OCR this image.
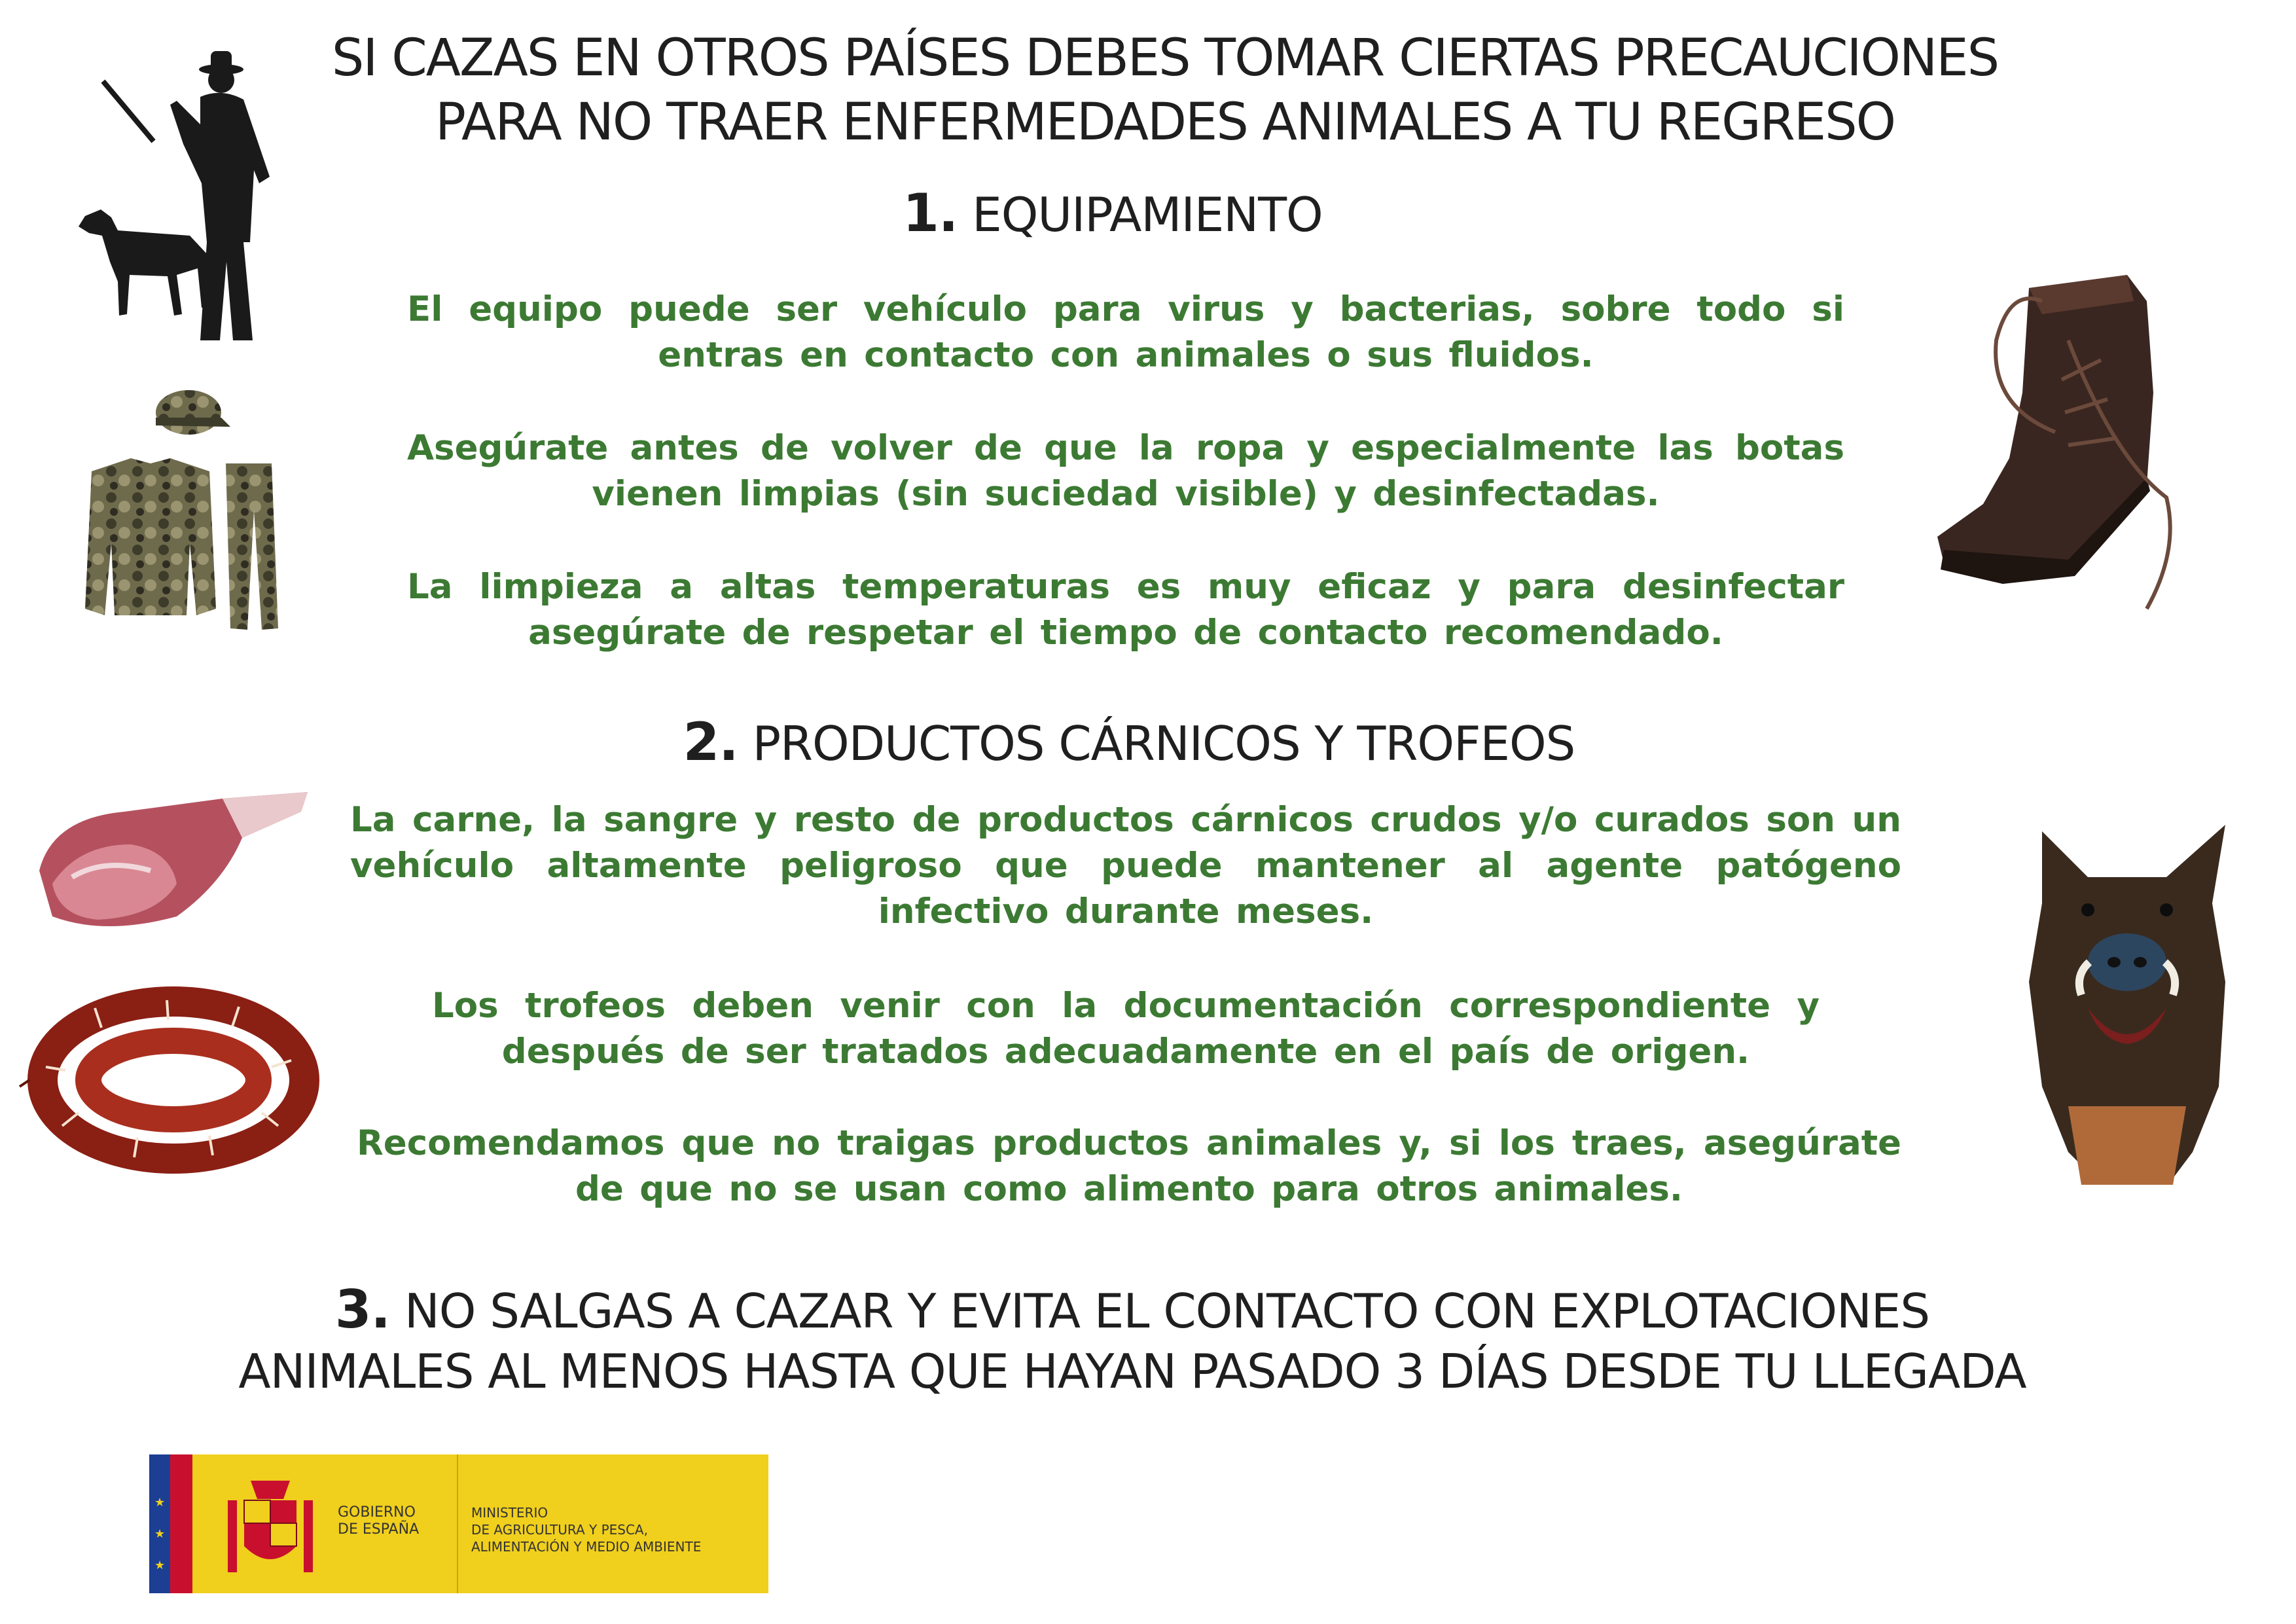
SI CAZAS EN OTROS PAÍSES DEBES TOMAR CIERTAS PRECAUCIONES
PARA NO TRAER ENFERMEDADES ANIMALES A TU REGRESO
1. EQUIPAMIENTO
El equipo puede ser vehículo para virus y bacterias, sobre todo si entras en contacto con animales o sus fluidos.
Asegúrate antes de volver de que la ropa y especialmente las botas vienen limpias (sin suciedad visible) y desinfectadas.
La limpieza a altas temperaturas es muy eficaz y para desinfectar asegúrate de respetar el tiempo de contacto recomendado.
2. PRODUCTOS CÁRNICOS Y TROFEOS
La carne, la sangre y resto de productos cárnicos crudos y/o curados son un vehículo altamente peligroso que puede mantener al agente patógeno infectivo durante meses.
Los trofeos deben venir con la documentación correspondiente y después de ser tratados adecuadamente en el país de origen.
Recomendamos que no traigas productos animales y, si los traes, asegúrate de que no se usan como alimento para otros animales.
3. NO SALGAS A CAZAR Y EVITA EL CONTACTO CON EXPLOTACIONES
ANIMALES AL MENOS HASTA QUE HAYAN PASADO 3 DÍAS DESDE TU LLEGADA
★
★
★
GOBIERNO
DE ESPAÑA
MINISTERIO
DE AGRICULTURA Y PESCA,
ALIMENTACIÓN Y MEDIO AMBIENTE
